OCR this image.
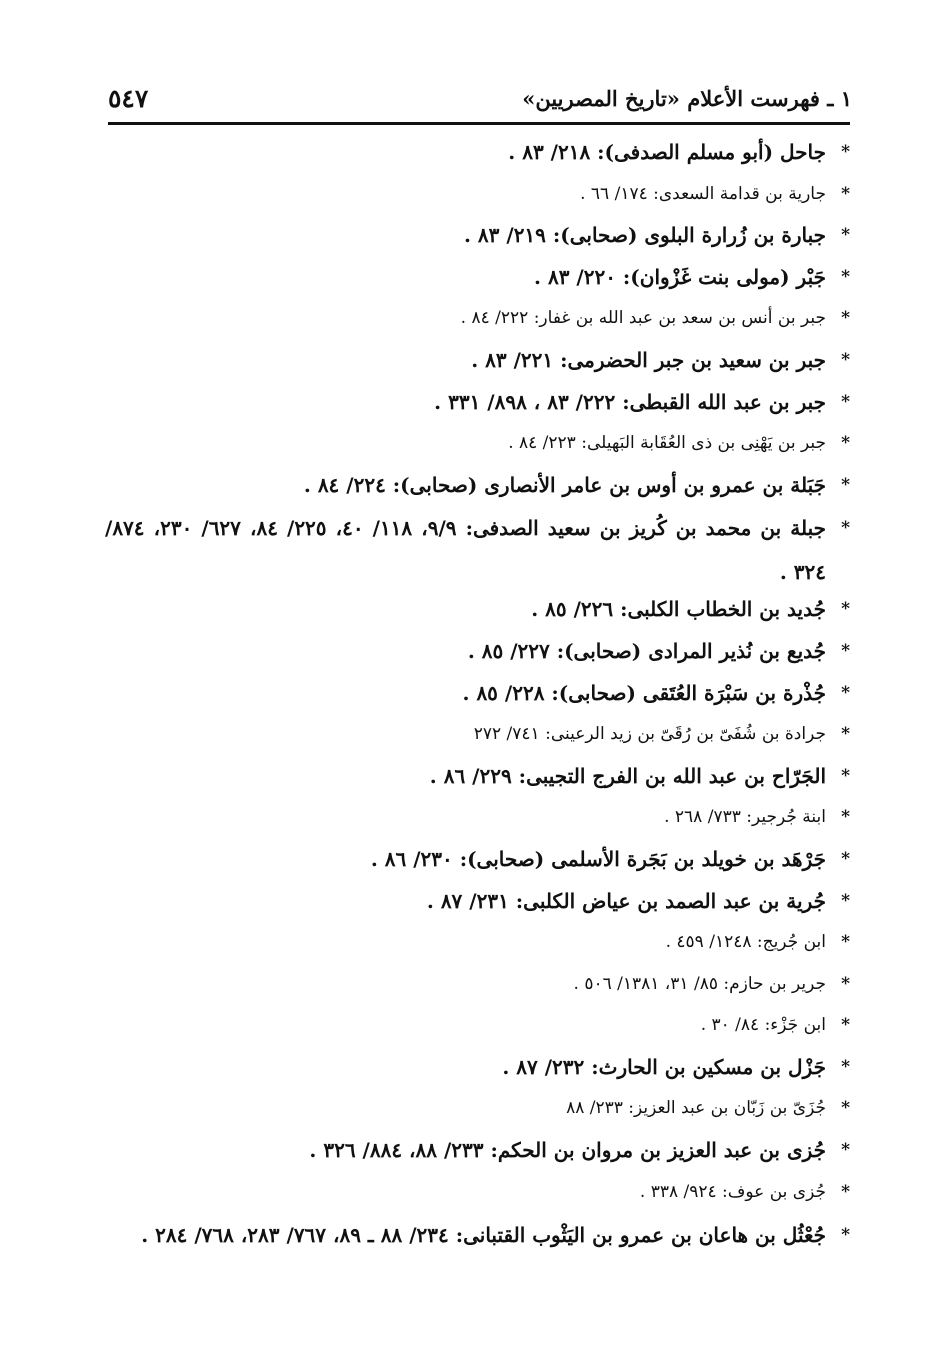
١ ـ فهرست الأعلام «تاريخ المصريين»
٥٤٧
*
جاحل (أبو مسلم الصدفى): ٢١٨/ ٨٣ .
*
جارية بن قدامة السعدى: ١٧٤/ ٦٦ .
*
جبارة بن زُرارة البلوى (صحابى): ٢١٩/ ٨٣ .
*
جَبْر (مولى بنت غَزْوان): ٢٢٠/ ٨٣ .
*
جبر بن أنس بن سعد بن عبد الله بن غفار: ٢٢٢/ ٨٤ .
*
جبر بن سعيد بن جبر الحضرمى: ٢٢١/ ٨٣ .
*
جبر بن عبد الله القبطى: ٢٢٢/ ٨٣ ، ٨٩٨/ ٣٣١ .
*
جبر بن يَهْنِى بن ذى العُقَابة البَهيلى: ٢٢٣/ ٨٤ .
*
جَبَلة بن عمرو بن أوس بن عامر الأنصارى (صحابى): ٢٢٤/ ٨٤ .
*
جبلة بن محمد بن كُريز بن سعيد الصدفى: ٩/٩، ١١٨/ ٤٠، ٢٢٥/ ٨٤، ٦٢٧/ ٢٣٠، ٨٧٤/ ٣٢٤ .
*
جُديد بن الخطاب الكلبى: ٢٢٦/ ٨٥ .
*
جُديع بن نُذير المرادى (صحابى): ٢٢٧/ ٨٥ .
*
جُذْرة بن سَبْرَة العُتَقى (صحابى): ٢٢٨/ ٨٥ .
*
جرادة بن شُفَىّ بن رُقَىّ بن زيد الرعينى: ٧٤١/ ٢٧٢
*
الجَرّاح بن عبد الله بن الفرج التجيبى: ٢٢٩/ ٨٦ .
*
ابنة جُرجير: ٧٣٣/ ٢٦٨ .
*
جَرْهَد بن خويلد بن بَجَرة الأسلمى (صحابى): ٢٣٠/ ٨٦ .
*
جُرية بن عبد الصمد بن عياض الكلبى: ٢٣١/ ٨٧ .
*
ابن جُريج: ١٢٤٨/ ٤٥٩ .
*
جرير بن حازم: ٨٥/ ٣١، ١٣٨١/ ٥٠٦ .
*
ابن جَزْء: ٨٤/ ٣٠ .
*
جَزْل بن مسكين بن الحارث: ٢٣٢/ ٨٧ .
*
جُزَىّ بن زَبّان بن عبد العزيز: ٢٣٣/ ٨٨
*
جُزى بن عبد العزيز بن مروان بن الحكم: ٢٣٣/ ٨٨، ٨٨٤/ ٣٢٦ .
*
جُزى بن عوف: ٩٢٤/ ٣٣٨ .
*
جُعْثُل بن هاعان بن عمرو بن اليَثْوب القتبانى: ٢٣٤/ ٨٨ ـ ٨٩، ٧٦٧/ ٢٨٣، ٧٦٨/ ٢٨٤ .
